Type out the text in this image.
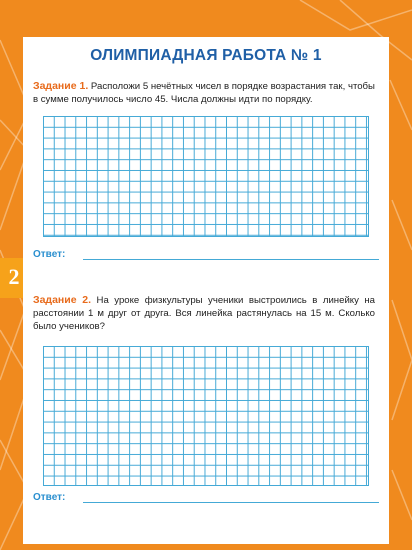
2
ОЛИМПИАДНАЯ РАБОТА № 1
Задание 1. Расположи 5 нечётных чисел в порядке возрастания так, чтобы в сумме получилось число 45. Числа должны идти по порядку.
Ответ:
Задание 2. На уроке физкультуры ученики выстроились в линейку на расстоянии 1 м друг от друга. Вся линейка растянулась на 15 м. Сколько было учеников?
Ответ:
